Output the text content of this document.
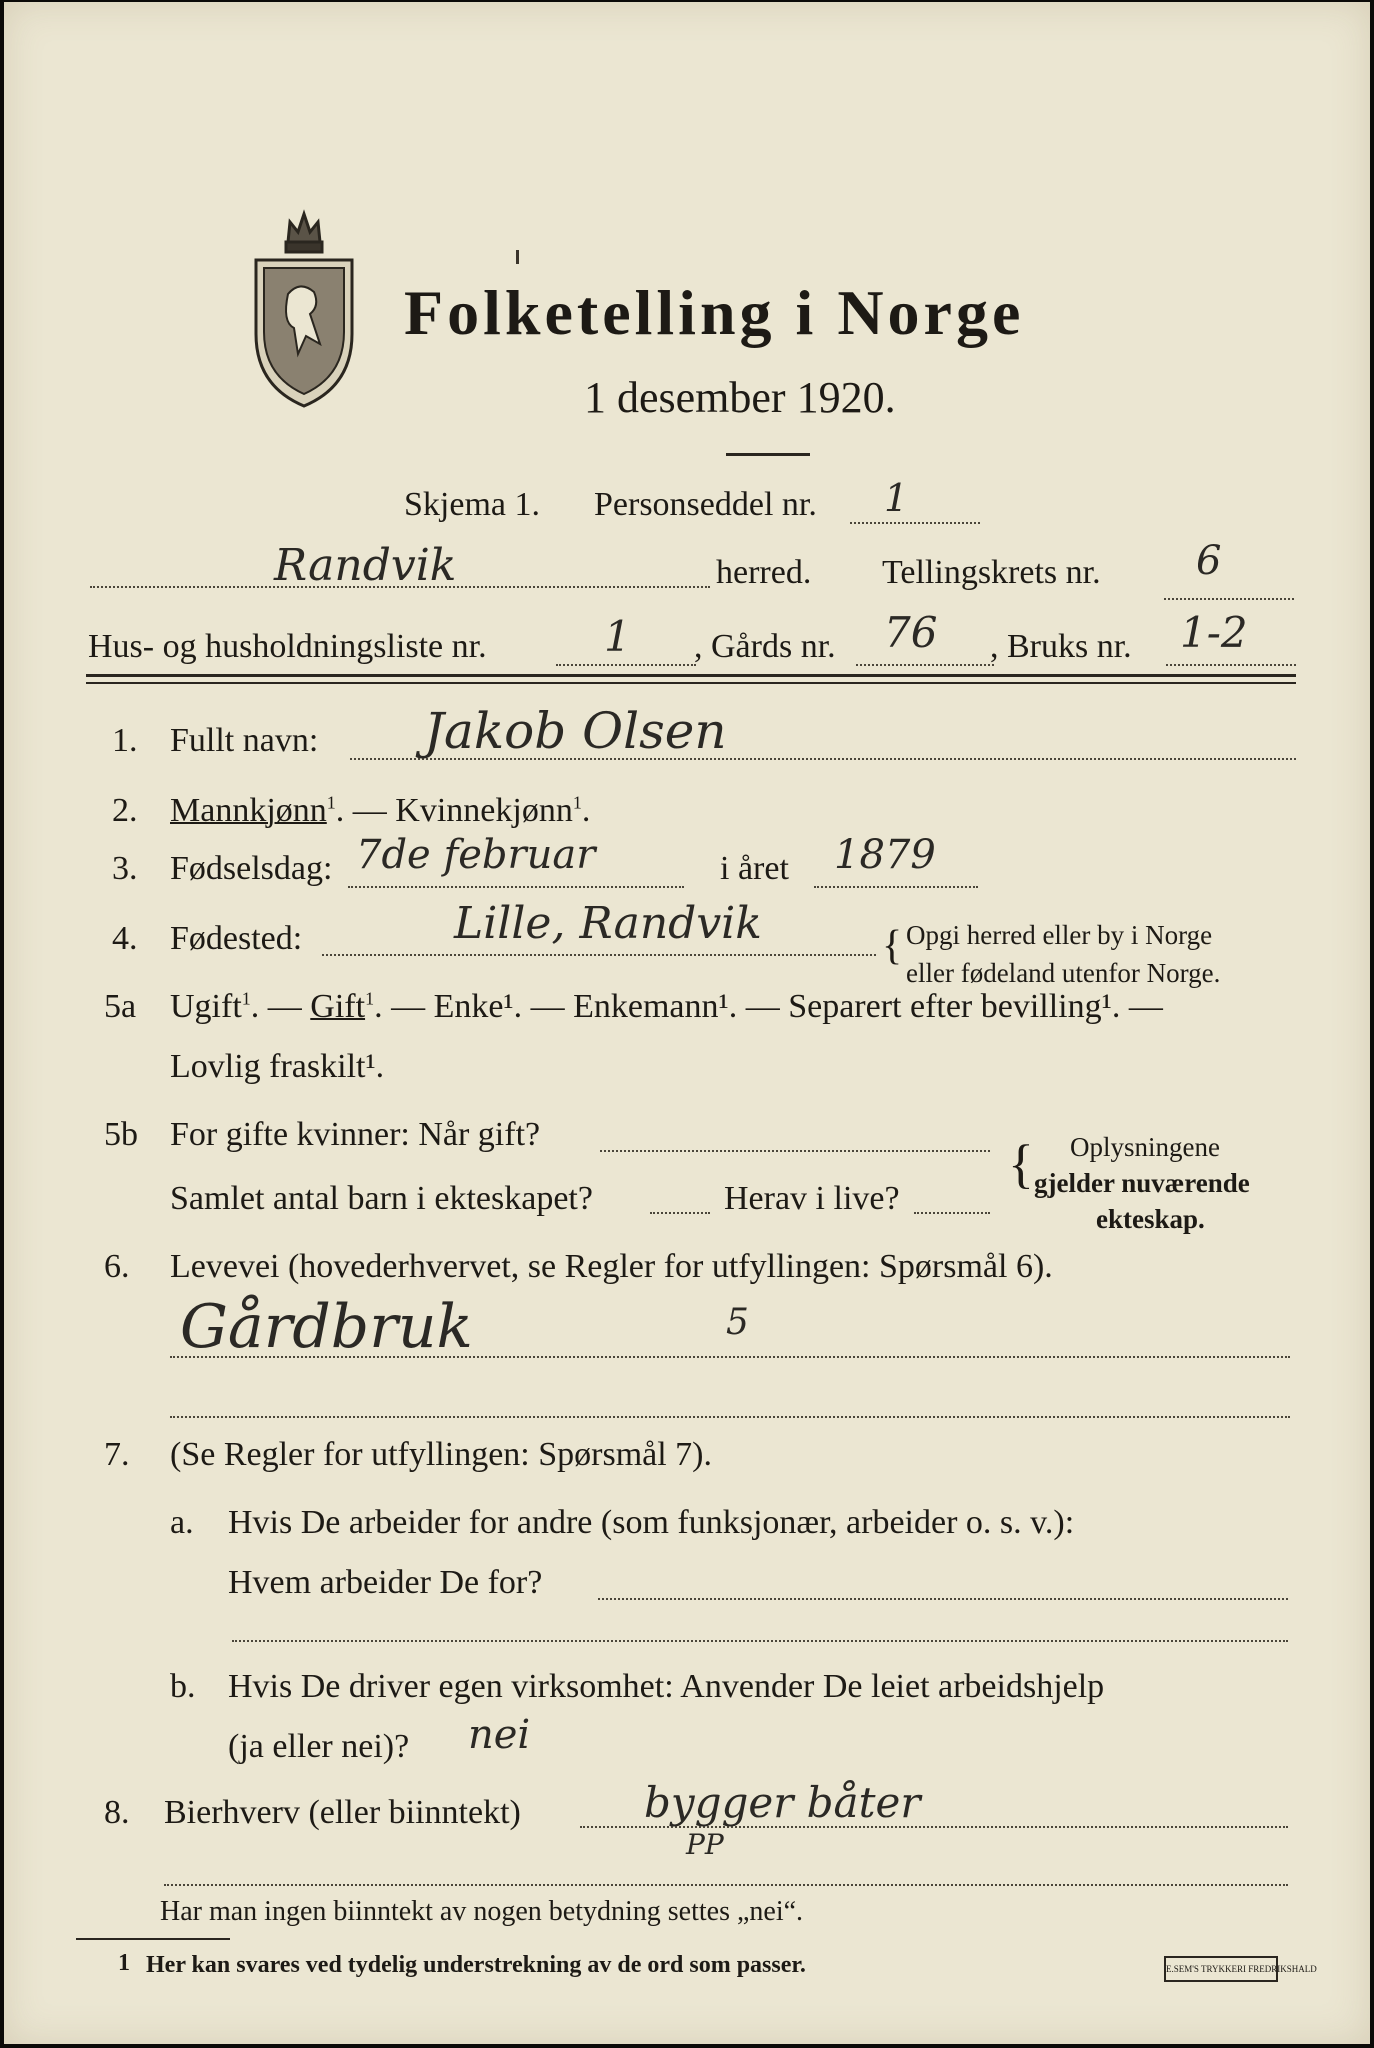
Folketelling i Norge
1 desember 1920.
Skjema 1. Personseddel nr. 1
Randvik	herred. Tellingskrets nr. 6
Hus- og husholdningsliste nr.	1 , Gårds nr. 76 , Bruks nr. 1-2
1. Fullt navn: Jakob Olsen
2. Mannkjønn$^1$. — Kvinnekjønn$^1$.
3. Fødselsdag: 7de februar	i året 1879
4. Fødested:	Lille, Randvik	{ Opgi herred eller by i Norge
eller fødeland utenfor Norge.
5a Ugift$^1$. — Gift$^1$. — Enke¹. — Enkemann¹. — Separert efter bevilling¹. —
Lovlig fraskilt¹.
5b For gifte kvinner: Når gift?
Samlet antal barn i ekteskapet?	Herav i live?
{ Oplysningene
gjelder nuværende
ekteskap.
6. Levevei (hovederhvervet, se Regler for utfyllingen: Spørsmål 6).
Gårdbruk	5
7. (Se Regler for utfyllingen: Spørsmål 7).
a. Hvis De arbeider for andre (som funksjonær, arbeider o. s. v.):
Hvem arbeider De for?
b. Hvis De driver egen virksomhet: Anvender De leiet arbeidshjelp
(ja eller nei)? nei
8. Bierhverv (eller biinntekt)	bygger båter
PP
Har man ingen biinntekt av nogen betydning settes „nei“.
1 Her kan svares ved tydelig understrekning av de ord som passer.	E.SEM'S TRYKKERI FREDRIKSHALD
